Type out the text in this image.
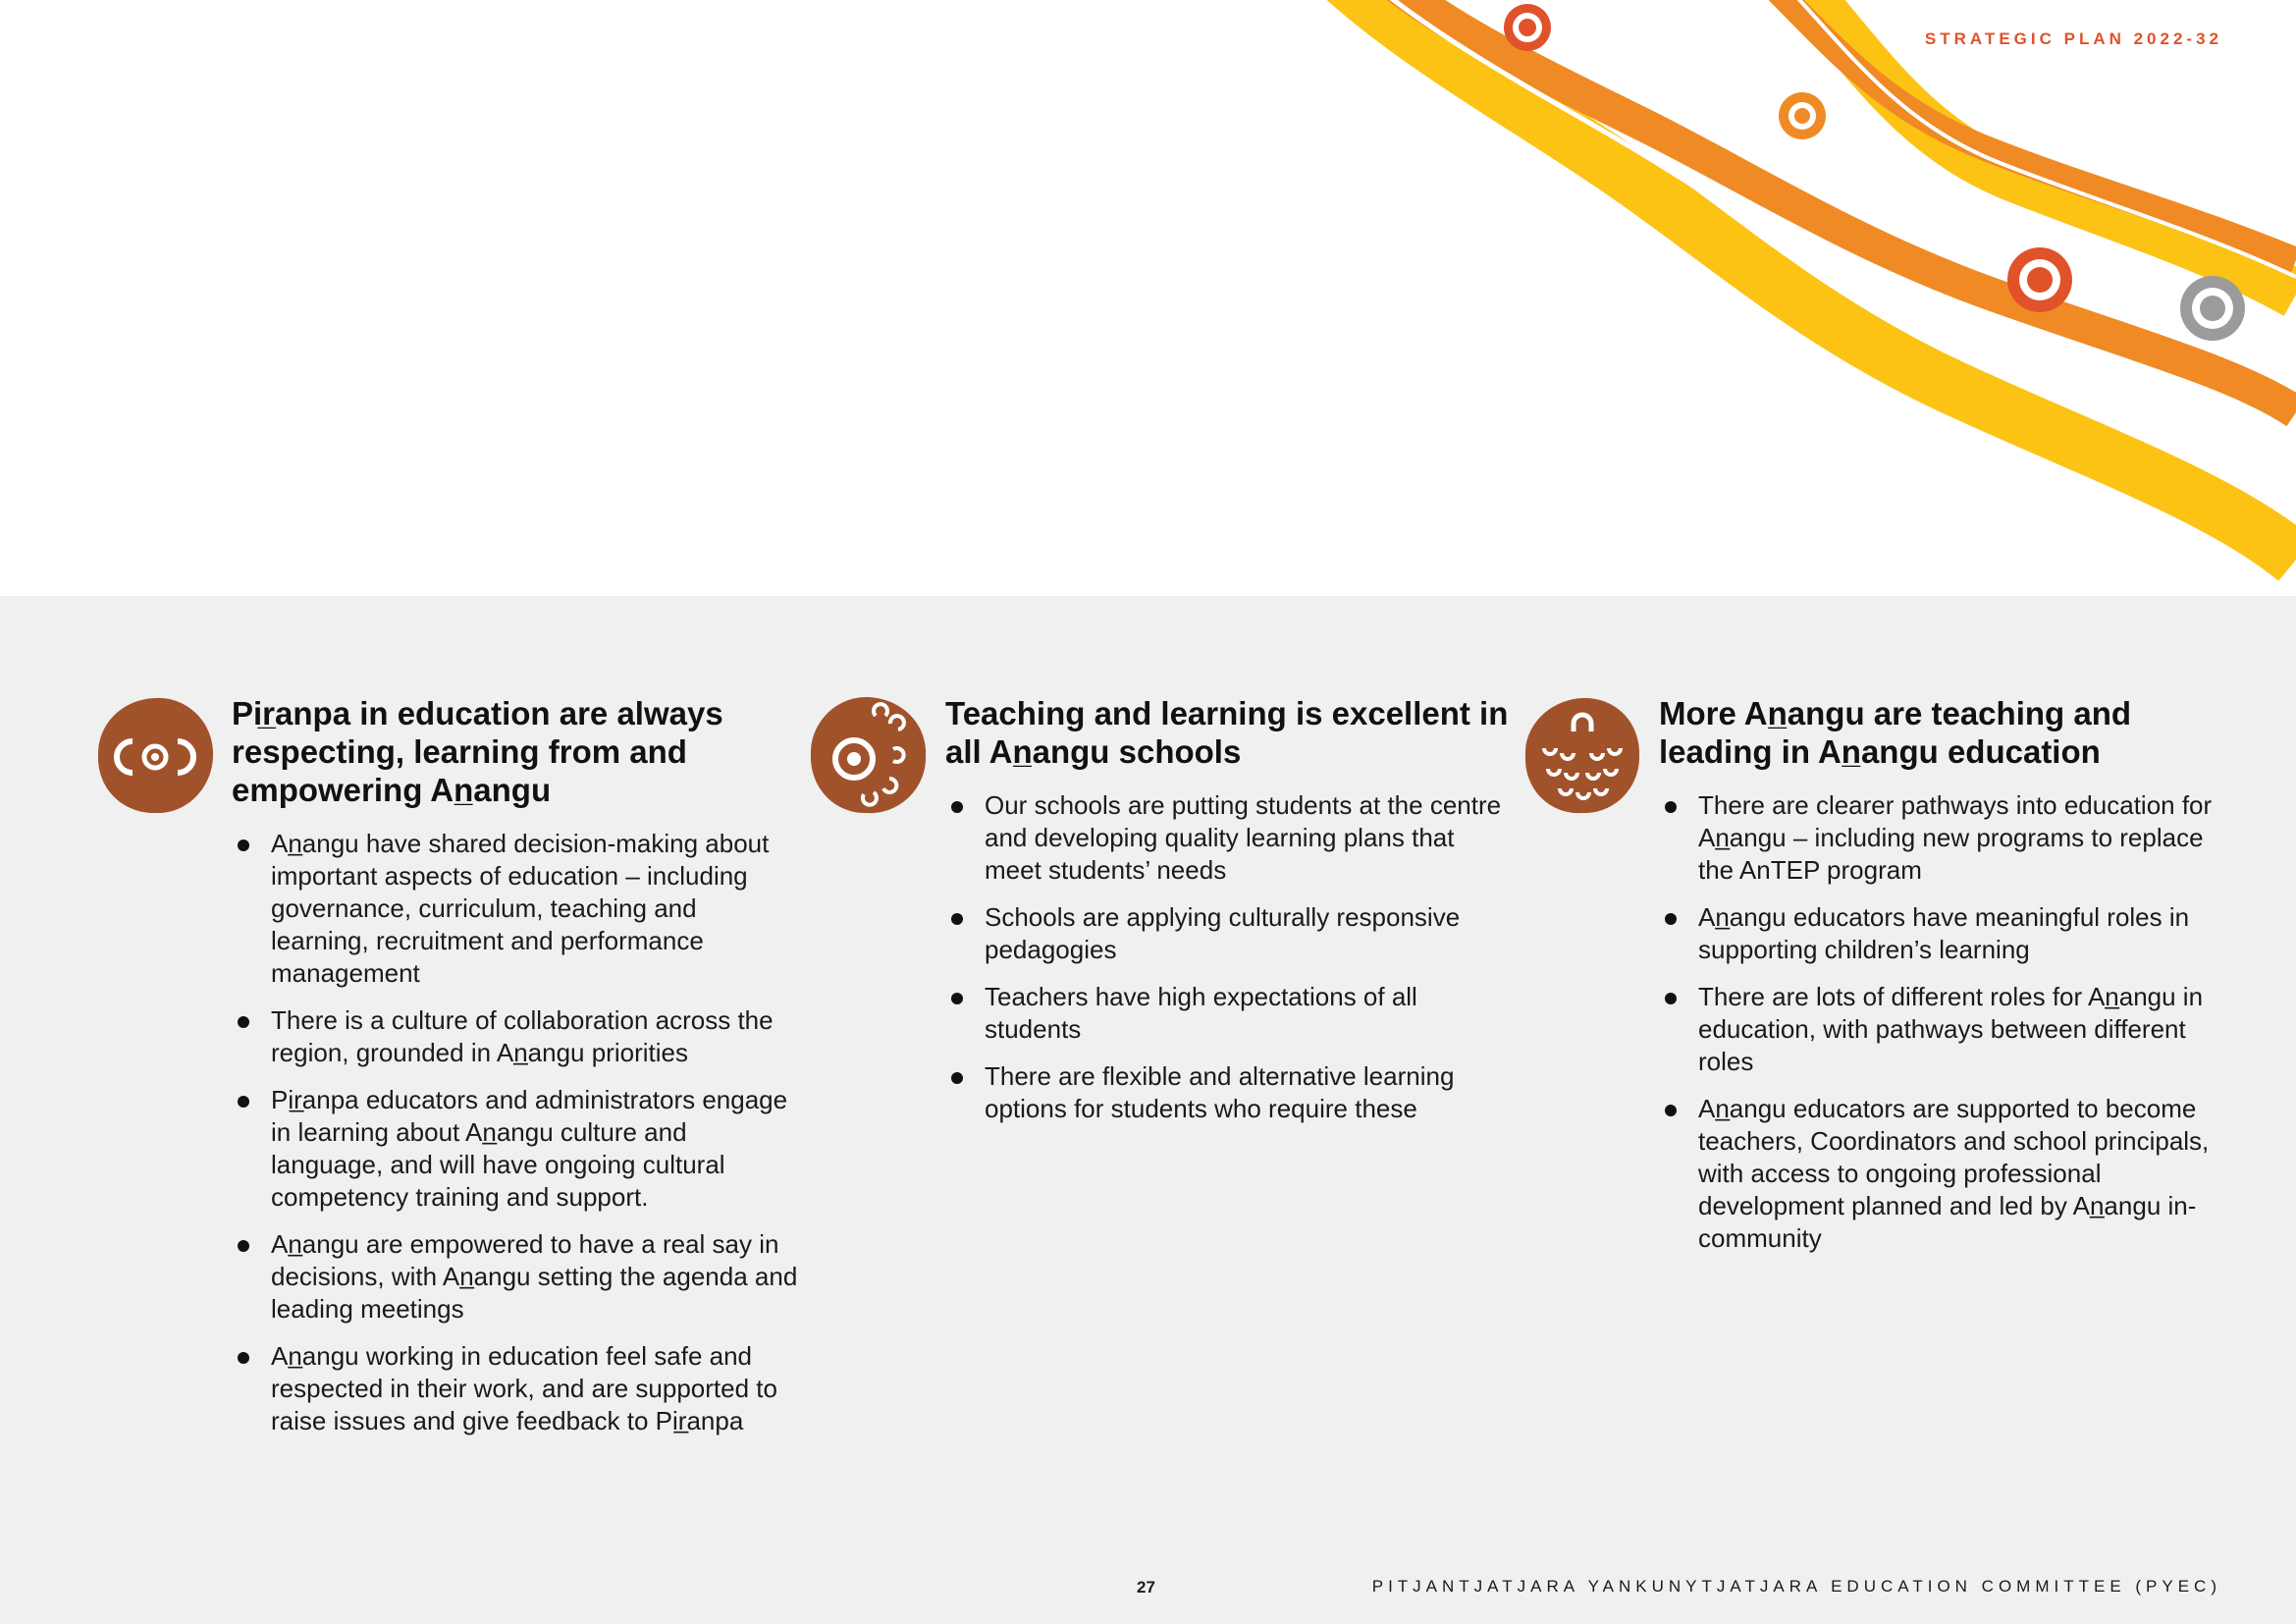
STRATEGIC PLAN 2022-32
Pir̲anpa in education are always respecting, learning from and empowering An̲angu
An̲angu have shared decision-making about important aspects of education – including governance, curriculum, teaching and learning, recruitment and performance management
There is a culture of collaboration across the region, grounded in An̲angu priorities
Pir̲anpa educators and administrators engage in learning about An̲angu culture and language, and will have ongoing cultural competency training and support.
An̲angu are empowered to have a real say in decisions, with An̲angu setting the agenda and leading meetings
An̲angu working in education feel safe and respected in their work, and are supported to raise issues and give feedback to Pir̲anpa
Teaching and learning is excellent in all An̲angu schools
Our schools are putting students at the centre and developing quality learning plans that meet students’ needs
Schools are applying culturally responsive pedagogies
Teachers have high expectations of all students
There are flexible and alternative learning options for students who require these
More An̲angu are teaching and leading in An̲angu education
There are clearer pathways into education for An̲angu – including new programs to replace the AnTEP program
An̲angu educators have meaningful roles in supporting children’s learning
There are lots of different roles for An̲angu in education, with pathways between different roles
An̲angu educators are supported to become teachers, Coordinators and school principals, with access to ongoing professional development planned and led by An̲angu in-community
27	PITJANTJATJARA YANKUNYTJATJARA EDUCATION COMMITTEE (PYEC)
